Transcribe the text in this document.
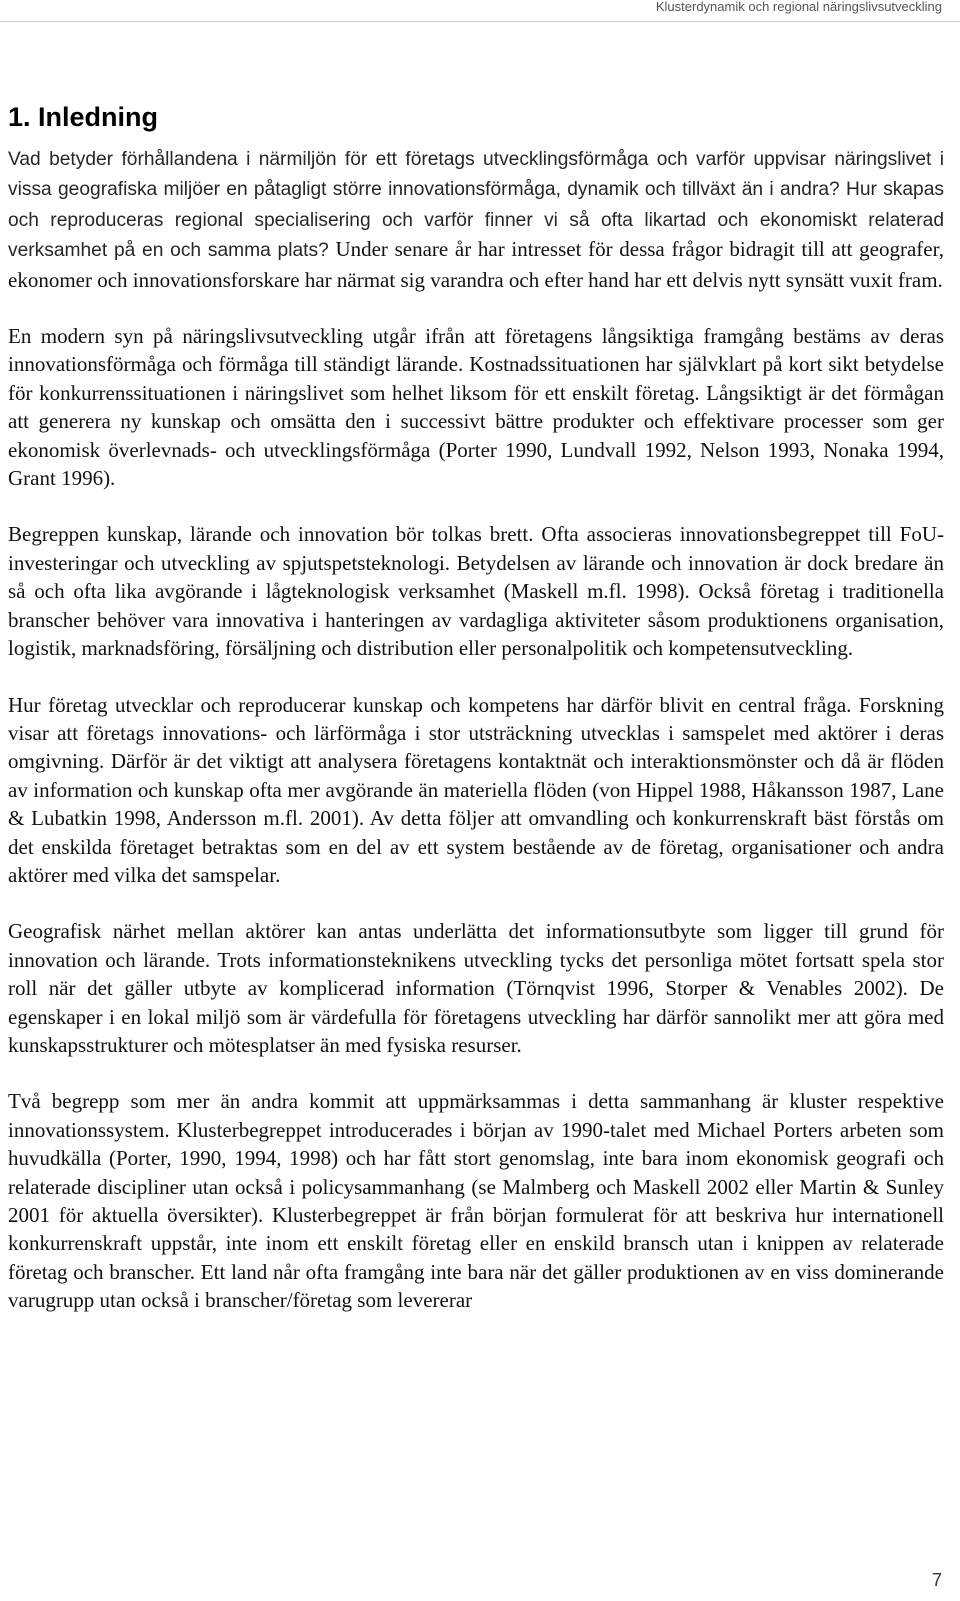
Klusterdynamik och regional näringslivsutveckling
1. Inledning

Vad betyder förhållandena i närmiljön för ett företags utvecklingsförmåga och varför uppvisar näringslivet i vissa geografiska miljöer en påtagligt större innovationsförmåga, dynamik och tillväxt än i andra? Hur skapas och reproduceras regional specialisering och varför finner vi så ofta likartad och ekonomiskt relaterad verksamhet på en och samma plats? Under senare år har intresset för dessa frågor bidragit till att geografer, ekonomer och innovationsforskare har närmat sig varandra och efter hand har ett delvis nytt synsätt vuxit fram.

En modern syn på näringslivsutveckling utgår ifrån att företagens långsiktiga framgång bestäms av deras innovationsförmåga och förmåga till ständigt lärande. Kostnadssituationen har självklart på kort sikt betydelse för konkurrenssituationen i näringslivet som helhet liksom för ett enskilt företag. Långsiktigt är det förmågan att generera ny kunskap och omsätta den i successivt bättre produkter och effektivare processer som ger ekonomisk överlevnads- och utvecklingsförmåga (Porter 1990, Lundvall 1992, Nelson 1993, Nonaka 1994, Grant 1996).

Begreppen kunskap, lärande och innovation bör tolkas brett. Ofta associeras innovationsbegreppet till FoU-investeringar och utveckling av spjutspetsteknologi. Betydelsen av lärande och innovation är dock bredare än så och ofta lika avgörande i lågteknologisk verksamhet (Maskell m.fl. 1998). Också företag i traditionella branscher behöver vara innovativa i hanteringen av vardagliga aktiviteter såsom produktionens organisation, logistik, marknadsföring, försäljning och distribution eller personalpolitik och kompetensutveckling.

Hur företag utvecklar och reproducerar kunskap och kompetens har därför blivit en central fråga. Forskning visar att företags innovations- och lärförmåga i stor utsträckning utvecklas i samspelet med aktörer i deras omgivning. Därför är det viktigt att analysera företagens kontaktnät och interaktionsmönster och då är flöden av information och kunskap ofta mer avgörande än materiella flöden (von Hippel 1988, Håkansson 1987, Lane & Lubatkin 1998, Andersson m.fl. 2001). Av detta följer att omvandling och konkurrenskraft bäst förstås om det enskilda företaget betraktas som en del av ett system bestående av de företag, organisationer och andra aktörer med vilka det samspelar.

Geografisk närhet mellan aktörer kan antas underlätta det informationsutbyte som ligger till grund för innovation och lärande. Trots informationsteknikens utveckling tycks det personliga mötet fortsatt spela stor roll när det gäller utbyte av komplicerad information (Törnqvist 1996, Storper & Venables 2002). De egenskaper i en lokal miljö som är värdefulla för företagens utveckling har därför sannolikt mer att göra med kunskapsstrukturer och mötesplatser än med fysiska resurser.

Två begrepp som mer än andra kommit att uppmärksammas i detta sammanhang är kluster respektive innovationssystem. Klusterbegreppet introducerades i början av 1990-talet med Michael Porters arbeten som huvudkälla (Porter, 1990, 1994, 1998) och har fått stort genomslag, inte bara inom ekonomisk geografi och relaterade discipliner utan också i policysammanhang (se Malmberg och Maskell 2002 eller Martin & Sunley 2001 för aktuella översikter). Klusterbegreppet är från början formulerat för att beskriva hur internationell konkurrenskraft uppstår, inte inom ett enskilt företag eller en enskild bransch utan i knippen av relaterade företag och branscher. Ett land når ofta framgång inte bara när det gäller produktionen av en viss dominerande varugrupp utan också i branscher/företag som levererar

7
